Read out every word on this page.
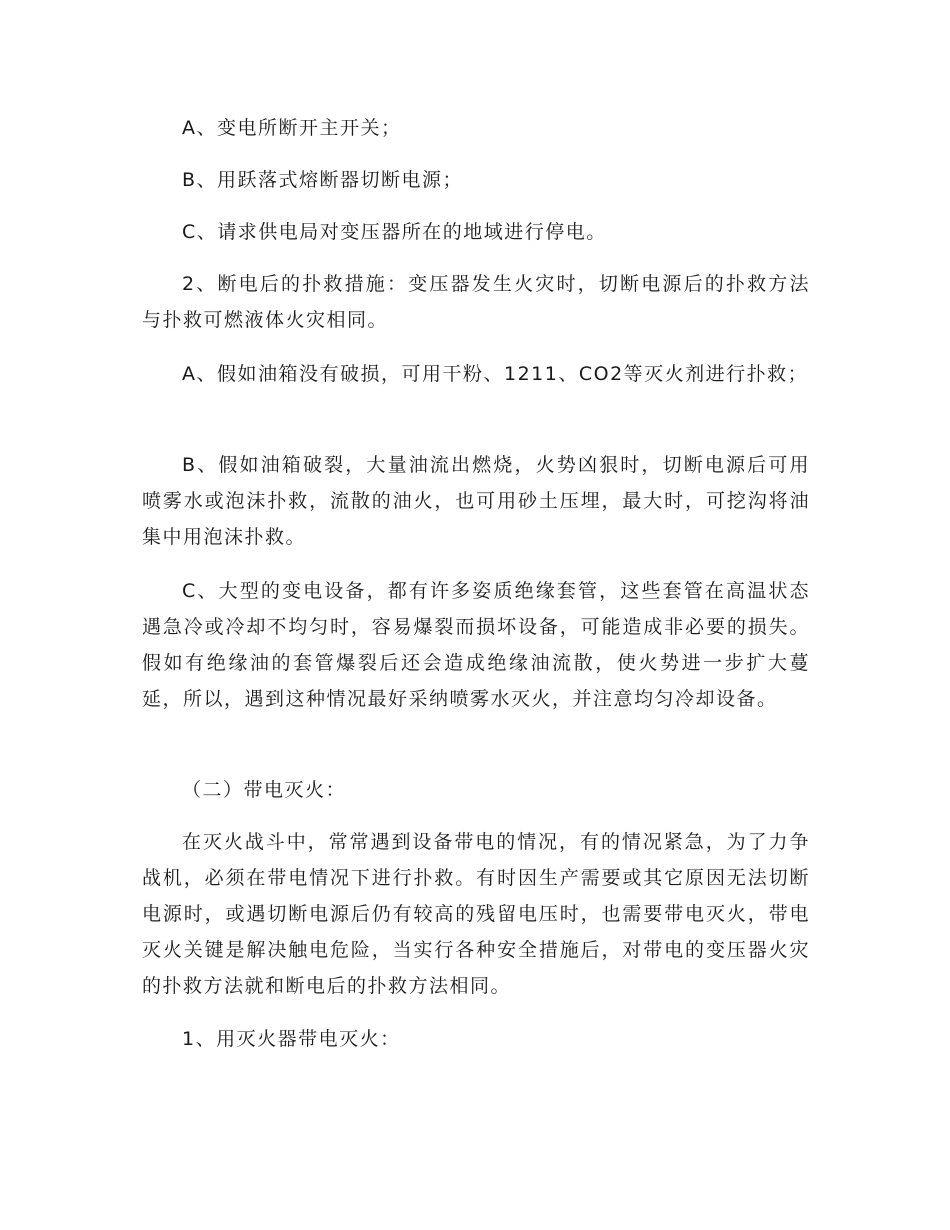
A、变电所断开主开关；

B、用跃落式熔断器切断电源；

C、请求供电局对变压器所在的地域进行停电。

2、断电后的扑救措施：变压器发生火灾时，切断电源后的扑救方法与扑救可燃液体火灾相同。

A、假如油箱没有破损，可用干粉、1211、CO2等灭火剂进行扑救；

B、假如油箱破裂，大量油流出燃烧，火势凶狠时，切断电源后可用喷雾水或泡沫扑救，流散的油火，也可用砂土压埋，最大时，可挖沟将油集中用泡沫扑救。

C、大型的变电设备，都有许多姿质绝缘套管，这些套管在高温状态遇急冷或冷却不均匀时，容易爆裂而损坏设备，可能造成非必要的损失。假如有绝缘油的套管爆裂后还会造成绝缘油流散，使火势进一步扩大蔓延，所以，遇到这种情况最好采纳喷雾水灭火，并注意均匀冷却设备。

（二）带电灭火：

在灭火战斗中，常常遇到设备带电的情况，有的情况紧急，为了力争战机，必须在带电情况下进行扑救。有时因生产需要或其它原因无法切断电源时，或遇切断电源后仍有较高的残留电压时，也需要带电灭火，带电灭火关键是解决触电危险，当实行各种安全措施后，对带电的变压器火灾的扑救方法就和断电后的扑救方法相同。

1、用灭火器带电灭火：
